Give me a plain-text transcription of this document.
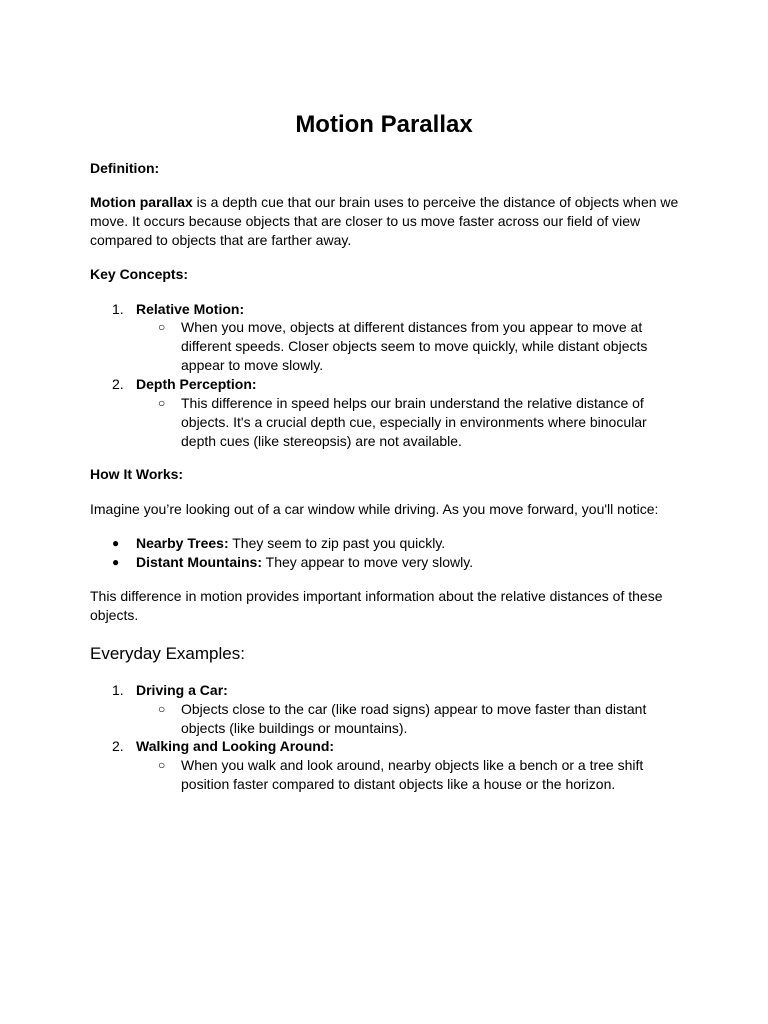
Motion Parallax
Definition:
Motion parallax is a depth cue that our brain uses to perceive the distance of objects when we move. It occurs because objects that are closer to us move faster across our field of view compared to objects that are farther away.
Key Concepts:
1. Relative Motion:
○ When you move, objects at different distances from you appear to move at different speeds. Closer objects seem to move quickly, while distant objects appear to move slowly.
2. Depth Perception:
○ This difference in speed helps our brain understand the relative distance of objects. It's a crucial depth cue, especially in environments where binocular depth cues (like stereopsis) are not available.
How It Works:
Imagine you’re looking out of a car window while driving. As you move forward, you'll notice:
● Nearby Trees: They seem to zip past you quickly.
● Distant Mountains: They appear to move very slowly.
This difference in motion provides important information about the relative distances of these objects.
Everyday Examples:
1. Driving a Car:
○ Objects close to the car (like road signs) appear to move faster than distant objects (like buildings or mountains).
2. Walking and Looking Around:
○ When you walk and look around, nearby objects like a bench or a tree shift position faster compared to distant objects like a house or the horizon.
